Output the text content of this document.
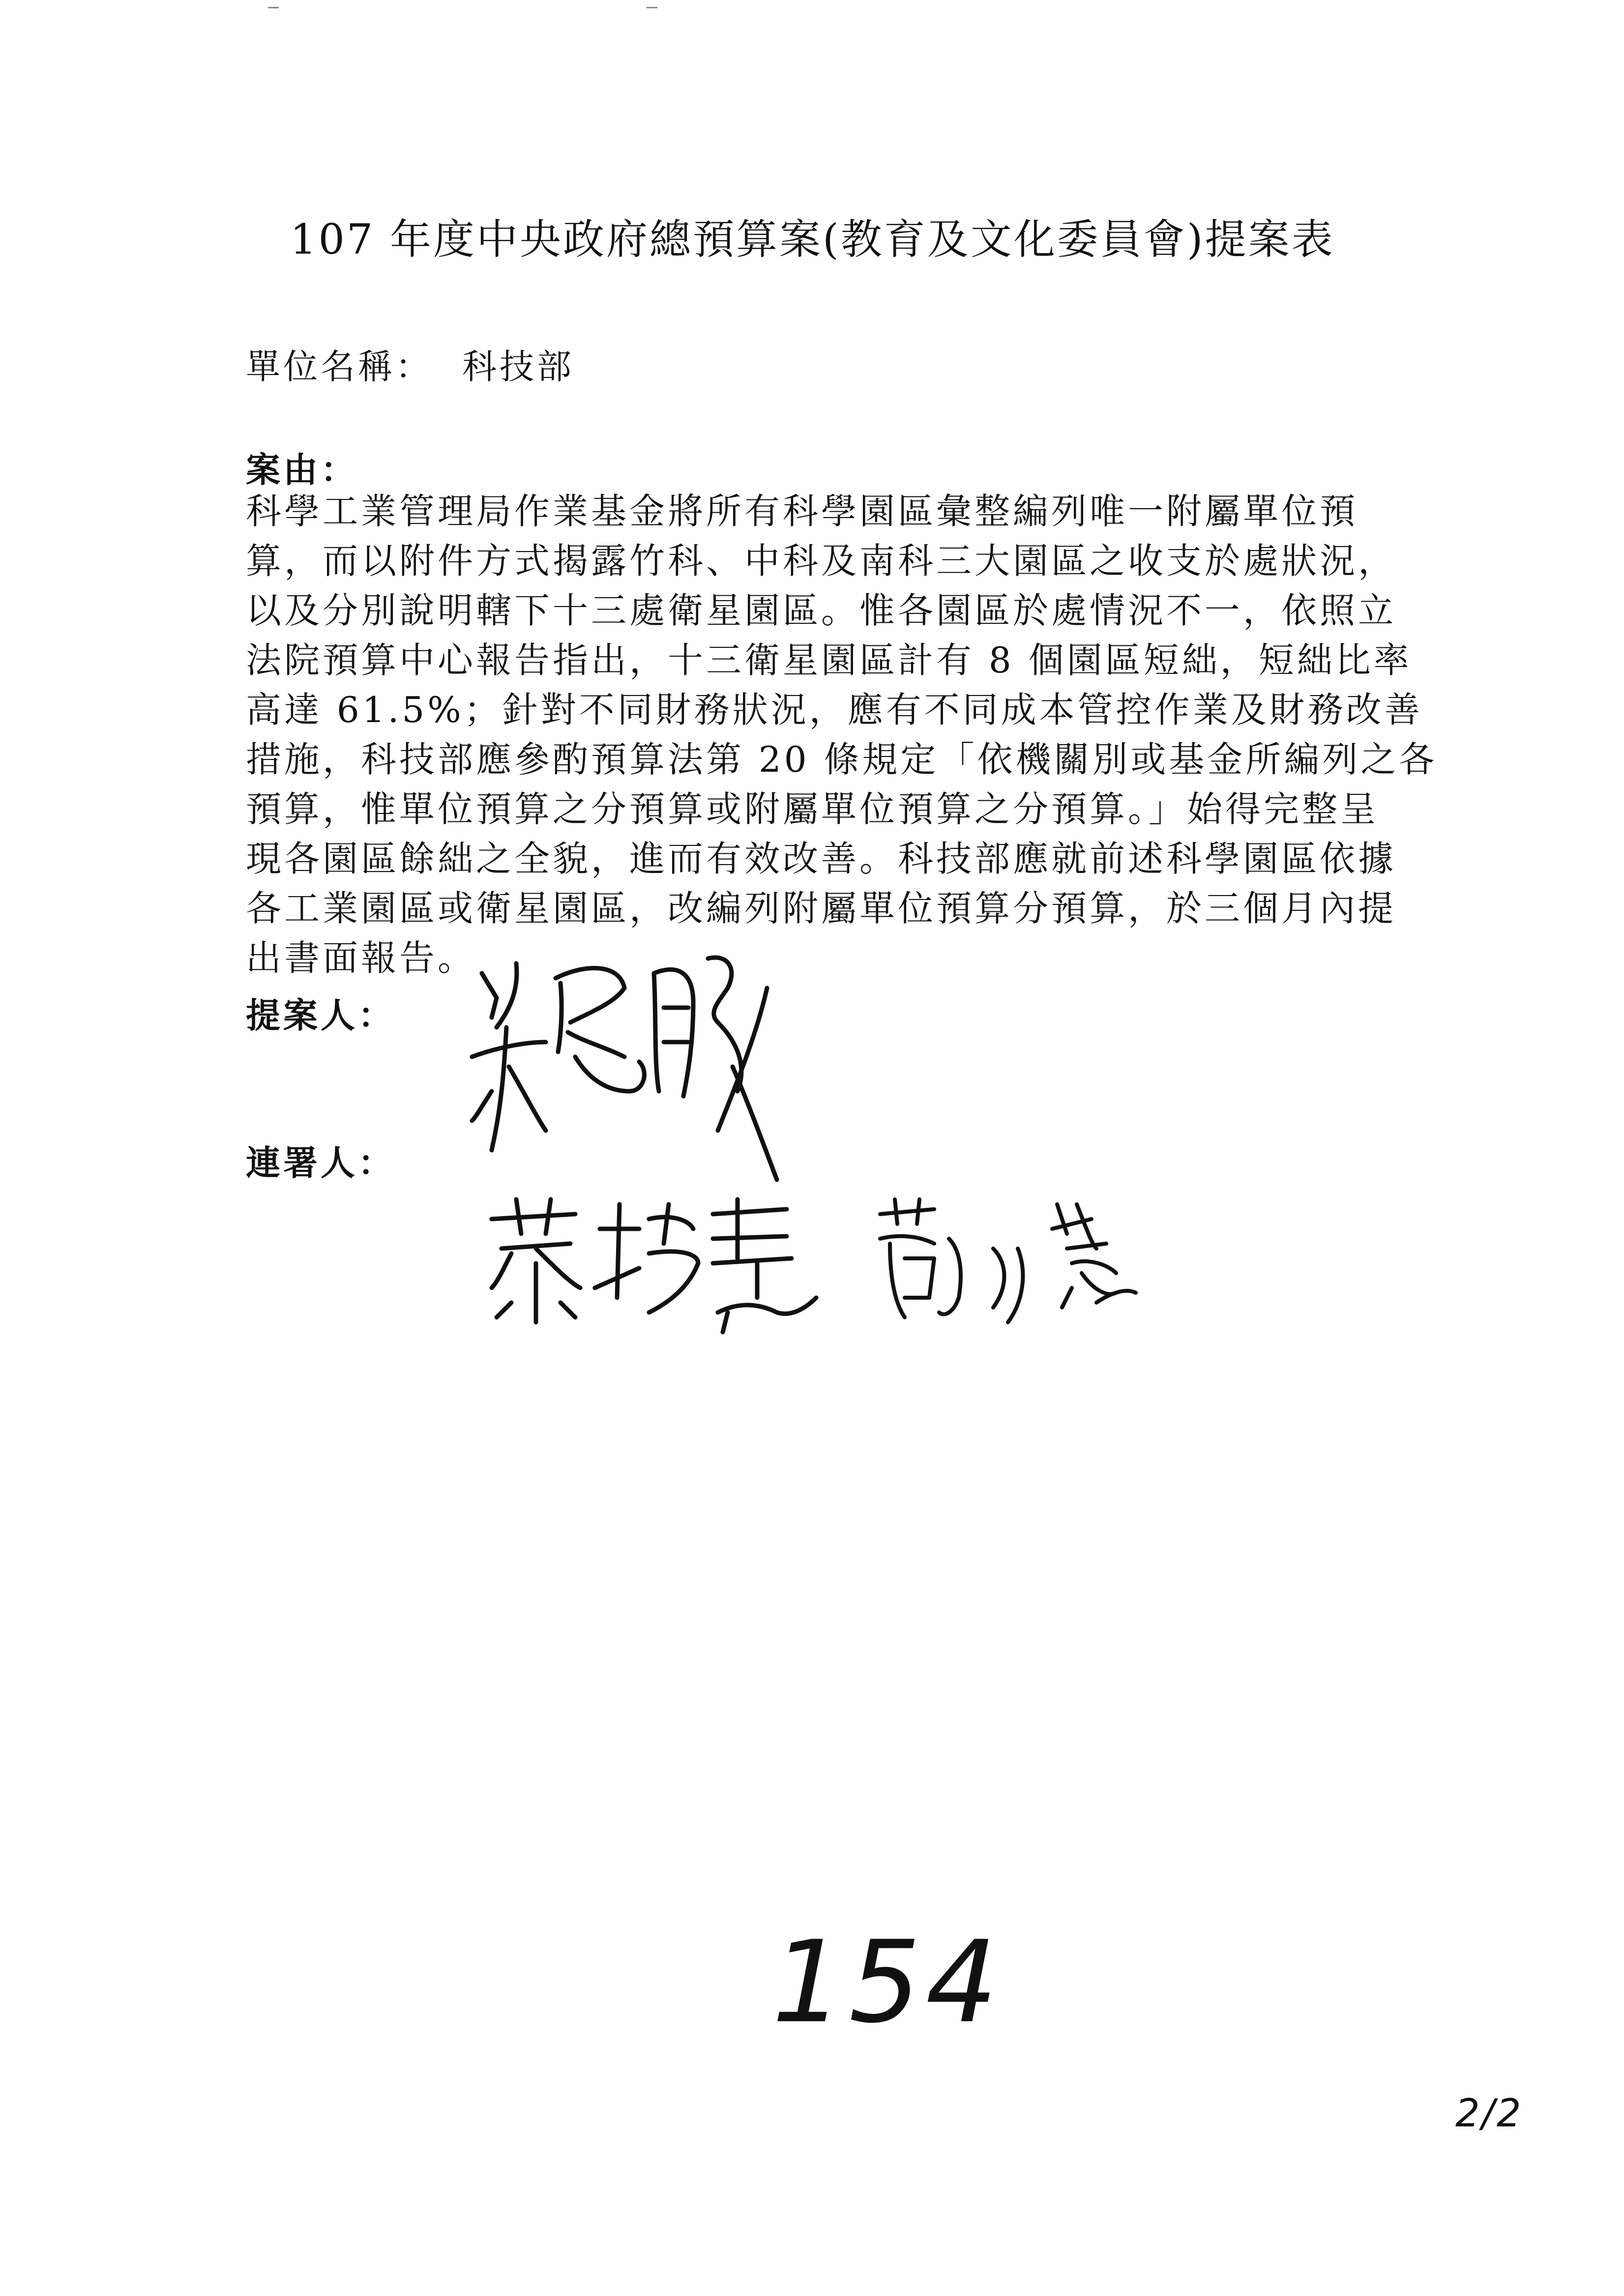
107 年度中央政府總預算案(教育及文化委員會)提案表
單位名稱： 科技部
案由：
科學工業管理局作業基金將所有科學園區彙整編列唯一附屬單位預
算，而以附件方式揭露竹科、中科及南科三大園區之收支於處狀況，
以及分別說明轄下十三處衛星園區。惟各園區於處情況不一，依照立
法院預算中心報告指出，十三衛星園區計有 8 個園區短絀，短絀比率
高達 61.5%；針對不同財務狀況，應有不同成本管控作業及財務改善
措施，科技部應參酌預算法第 20 條規定「依機關別或基金所編列之各
預算，惟單位預算之分預算或附屬單位預算之分預算。」始得完整呈
現各園區餘絀之全貌，進而有效改善。科技部應就前述科學園區依據
各工業園區或衛星園區，改編列附屬單位預算分預算，於三個月內提
出書面報告。
提案人：
連署人：
154
2/2
